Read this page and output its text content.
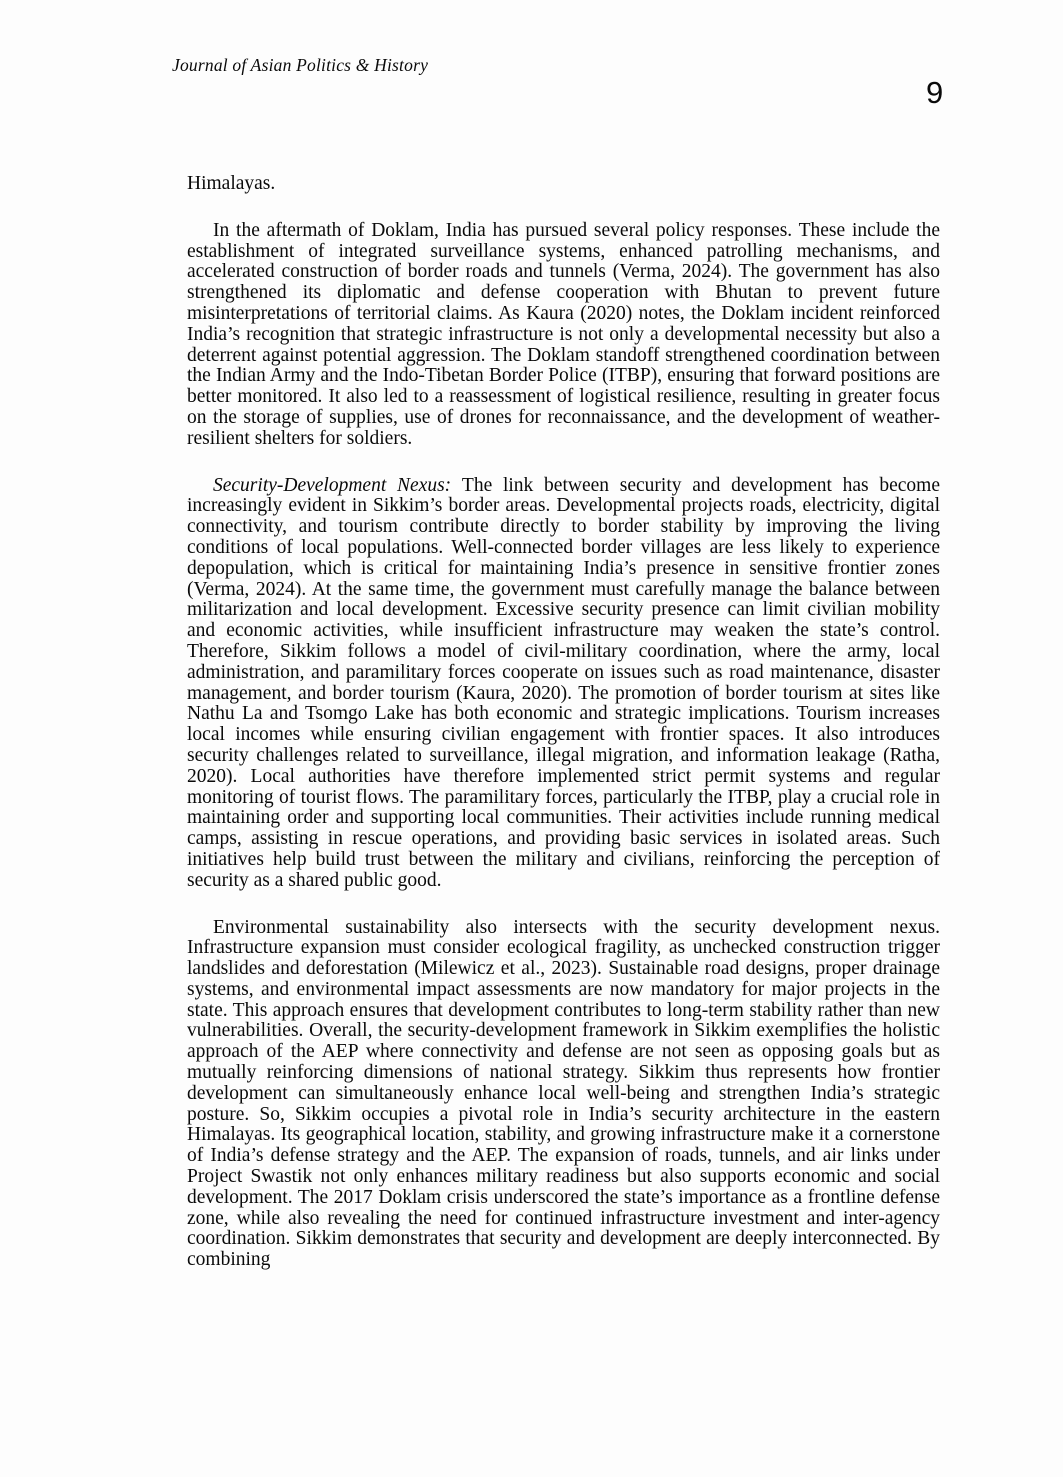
Journal of Asian Politics & History
9

Himalayas.

In the aftermath of Doklam, India has pursued several policy responses. These include the establishment of integrated surveillance systems, enhanced patrolling mechanisms, and accelerated construction of border roads and tunnels (Verma, 2024). The government has also strengthened its diplomatic and defense cooperation with Bhutan to prevent future misinterpretations of territorial claims. As Kaura (2020) notes, the Doklam incident reinforced India’s recognition that strategic infrastructure is not only a developmental necessity but also a deterrent against potential aggression. The Doklam standoff strengthened coordination between the Indian Army and the Indo-Tibetan Border Police (ITBP), ensuring that forward positions are better monitored. It also led to a reassessment of logistical resilience, resulting in greater focus on the storage of supplies, use of drones for reconnaissance, and the development of weather-resilient shelters for soldiers.

Security-Development Nexus: The link between security and development has become increasingly evident in Sikkim’s border areas. Developmental projects roads, electricity, digital connectivity, and tourism contribute directly to border stability by improving the living conditions of local populations. Well-connected border villages are less likely to experience depopulation, which is critical for maintaining India’s presence in sensitive frontier zones (Verma, 2024). At the same time, the government must carefully manage the balance between militarization and local development. Excessive security presence can limit civilian mobility and economic activities, while insufficient infrastructure may weaken the state’s control. Therefore, Sikkim follows a model of civil-military coordination, where the army, local administration, and paramilitary forces cooperate on issues such as road maintenance, disaster management, and border tourism (Kaura, 2020). The promotion of border tourism at sites like Nathu La and Tsomgo Lake has both economic and strategic implications. Tourism increases local incomes while ensuring civilian engagement with frontier spaces. It also introduces security challenges related to surveillance, illegal migration, and information leakage (Ratha, 2020). Local authorities have therefore implemented strict permit systems and regular monitoring of tourist flows. The paramilitary forces, particularly the ITBP, play a crucial role in maintaining order and supporting local communities. Their activities include running medical camps, assisting in rescue operations, and providing basic services in isolated areas. Such initiatives help build trust between the military and civilians, reinforcing the perception of security as a shared public good.

Environmental sustainability also intersects with the security development nexus. Infrastructure expansion must consider ecological fragility, as unchecked construction trigger landslides and deforestation (Milewicz et al., 2023). Sustainable road designs, proper drainage systems, and environmental impact assessments are now mandatory for major projects in the state. This approach ensures that development contributes to long-term stability rather than new vulnerabilities. Overall, the security-development framework in Sikkim exemplifies the holistic approach of the AEP where connectivity and defense are not seen as opposing goals but as mutually reinforcing dimensions of national strategy. Sikkim thus represents how frontier development can simultaneously enhance local well-being and strengthen India’s strategic posture. So, Sikkim occupies a pivotal role in India’s security architecture in the eastern Himalayas. Its geographical location, stability, and growing infrastructure make it a cornerstone of India’s defense strategy and the AEP. The expansion of roads, tunnels, and air links under Project Swastik not only enhances military readiness but also supports economic and social development. The 2017 Doklam crisis underscored the state’s importance as a frontline defense zone, while also revealing the need for continued infrastructure investment and inter-agency coordination. Sikkim demonstrates that security and development are deeply interconnected. By combining
